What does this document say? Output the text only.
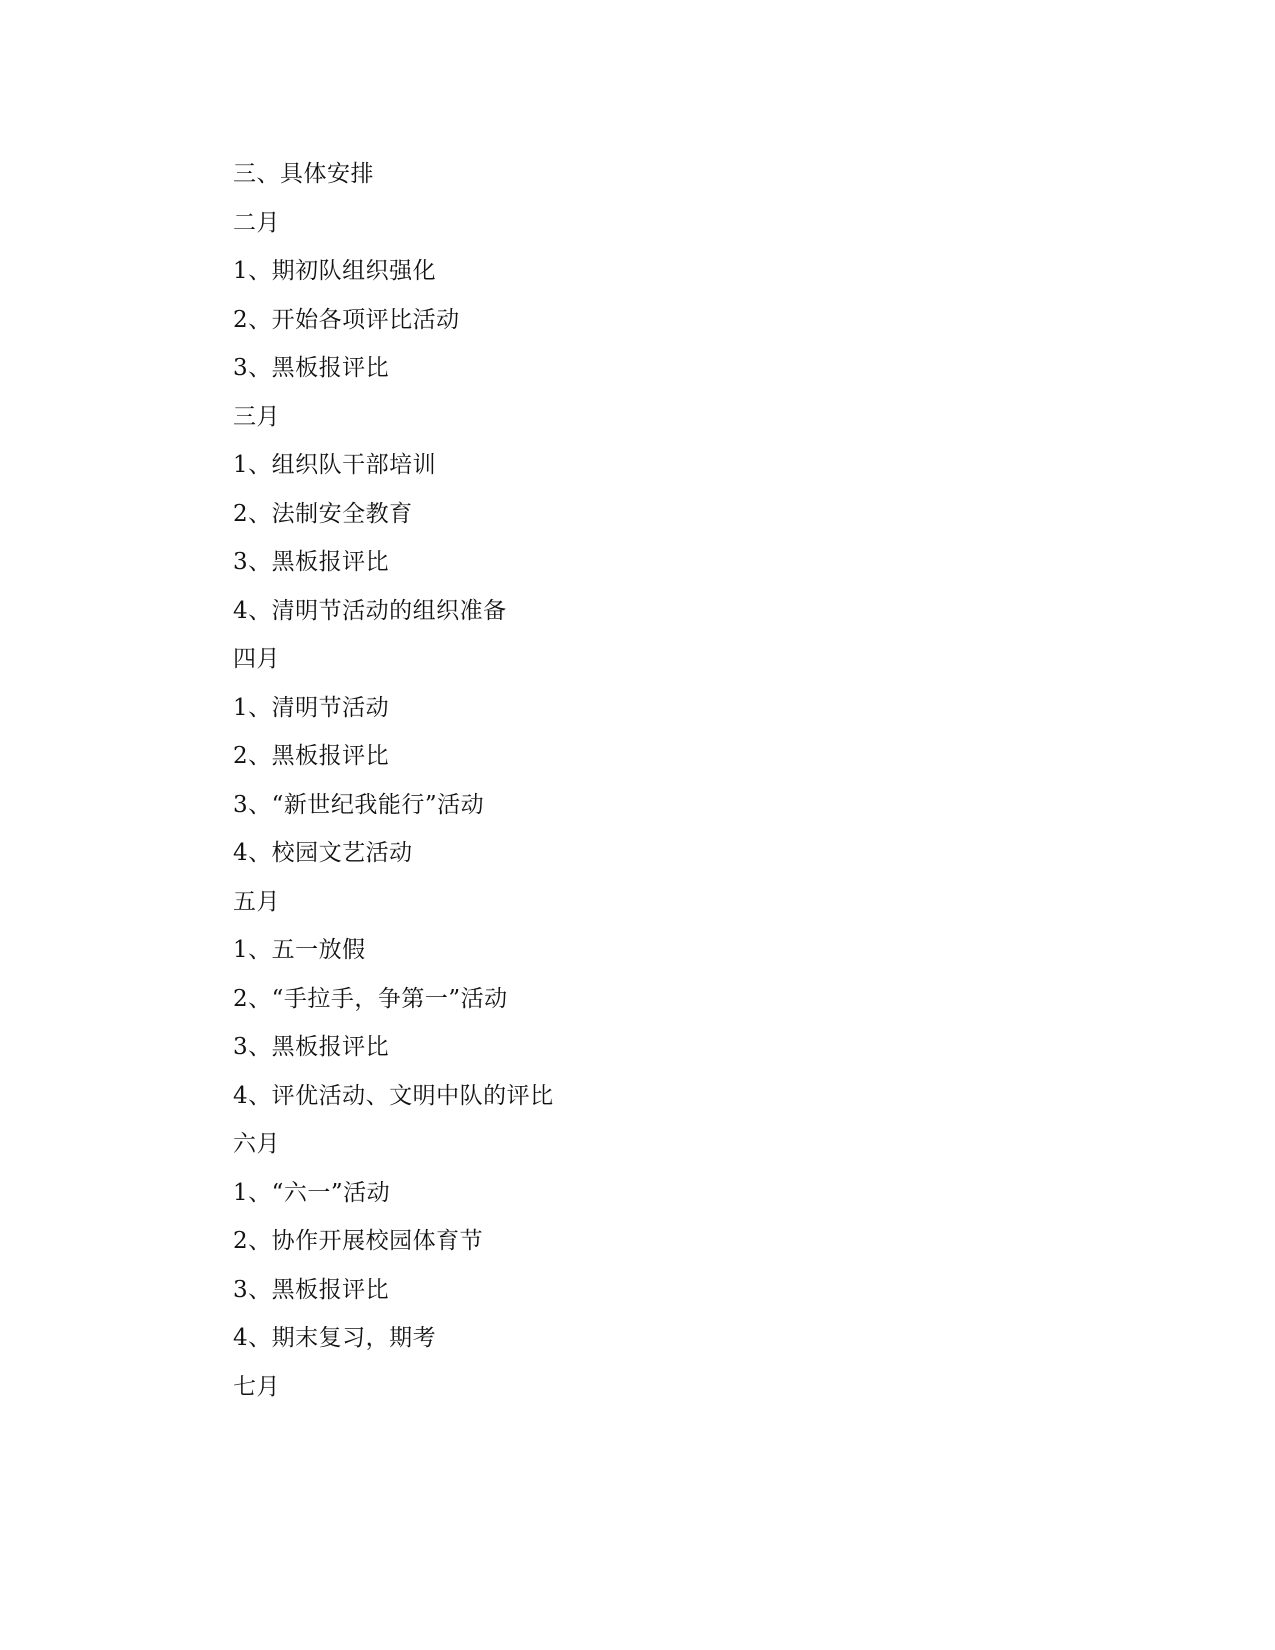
三、具体安排
二月
1、期初队组织强化
2、开始各项评比活动
3、黑板报评比
三月
1、组织队干部培训
2、法制安全教育
3、黑板报评比
4、清明节活动的组织准备
四月
1、清明节活动
2、黑板报评比
3、“新世纪我能行”活动
4、校园文艺活动
五月
1、五一放假
2、“手拉手，争第一”活动
3、黑板报评比
4、评优活动、文明中队的评比
六月
1、“六一”活动
2、协作开展校园体育节
3、黑板报评比
4、期末复习，期考
七月
